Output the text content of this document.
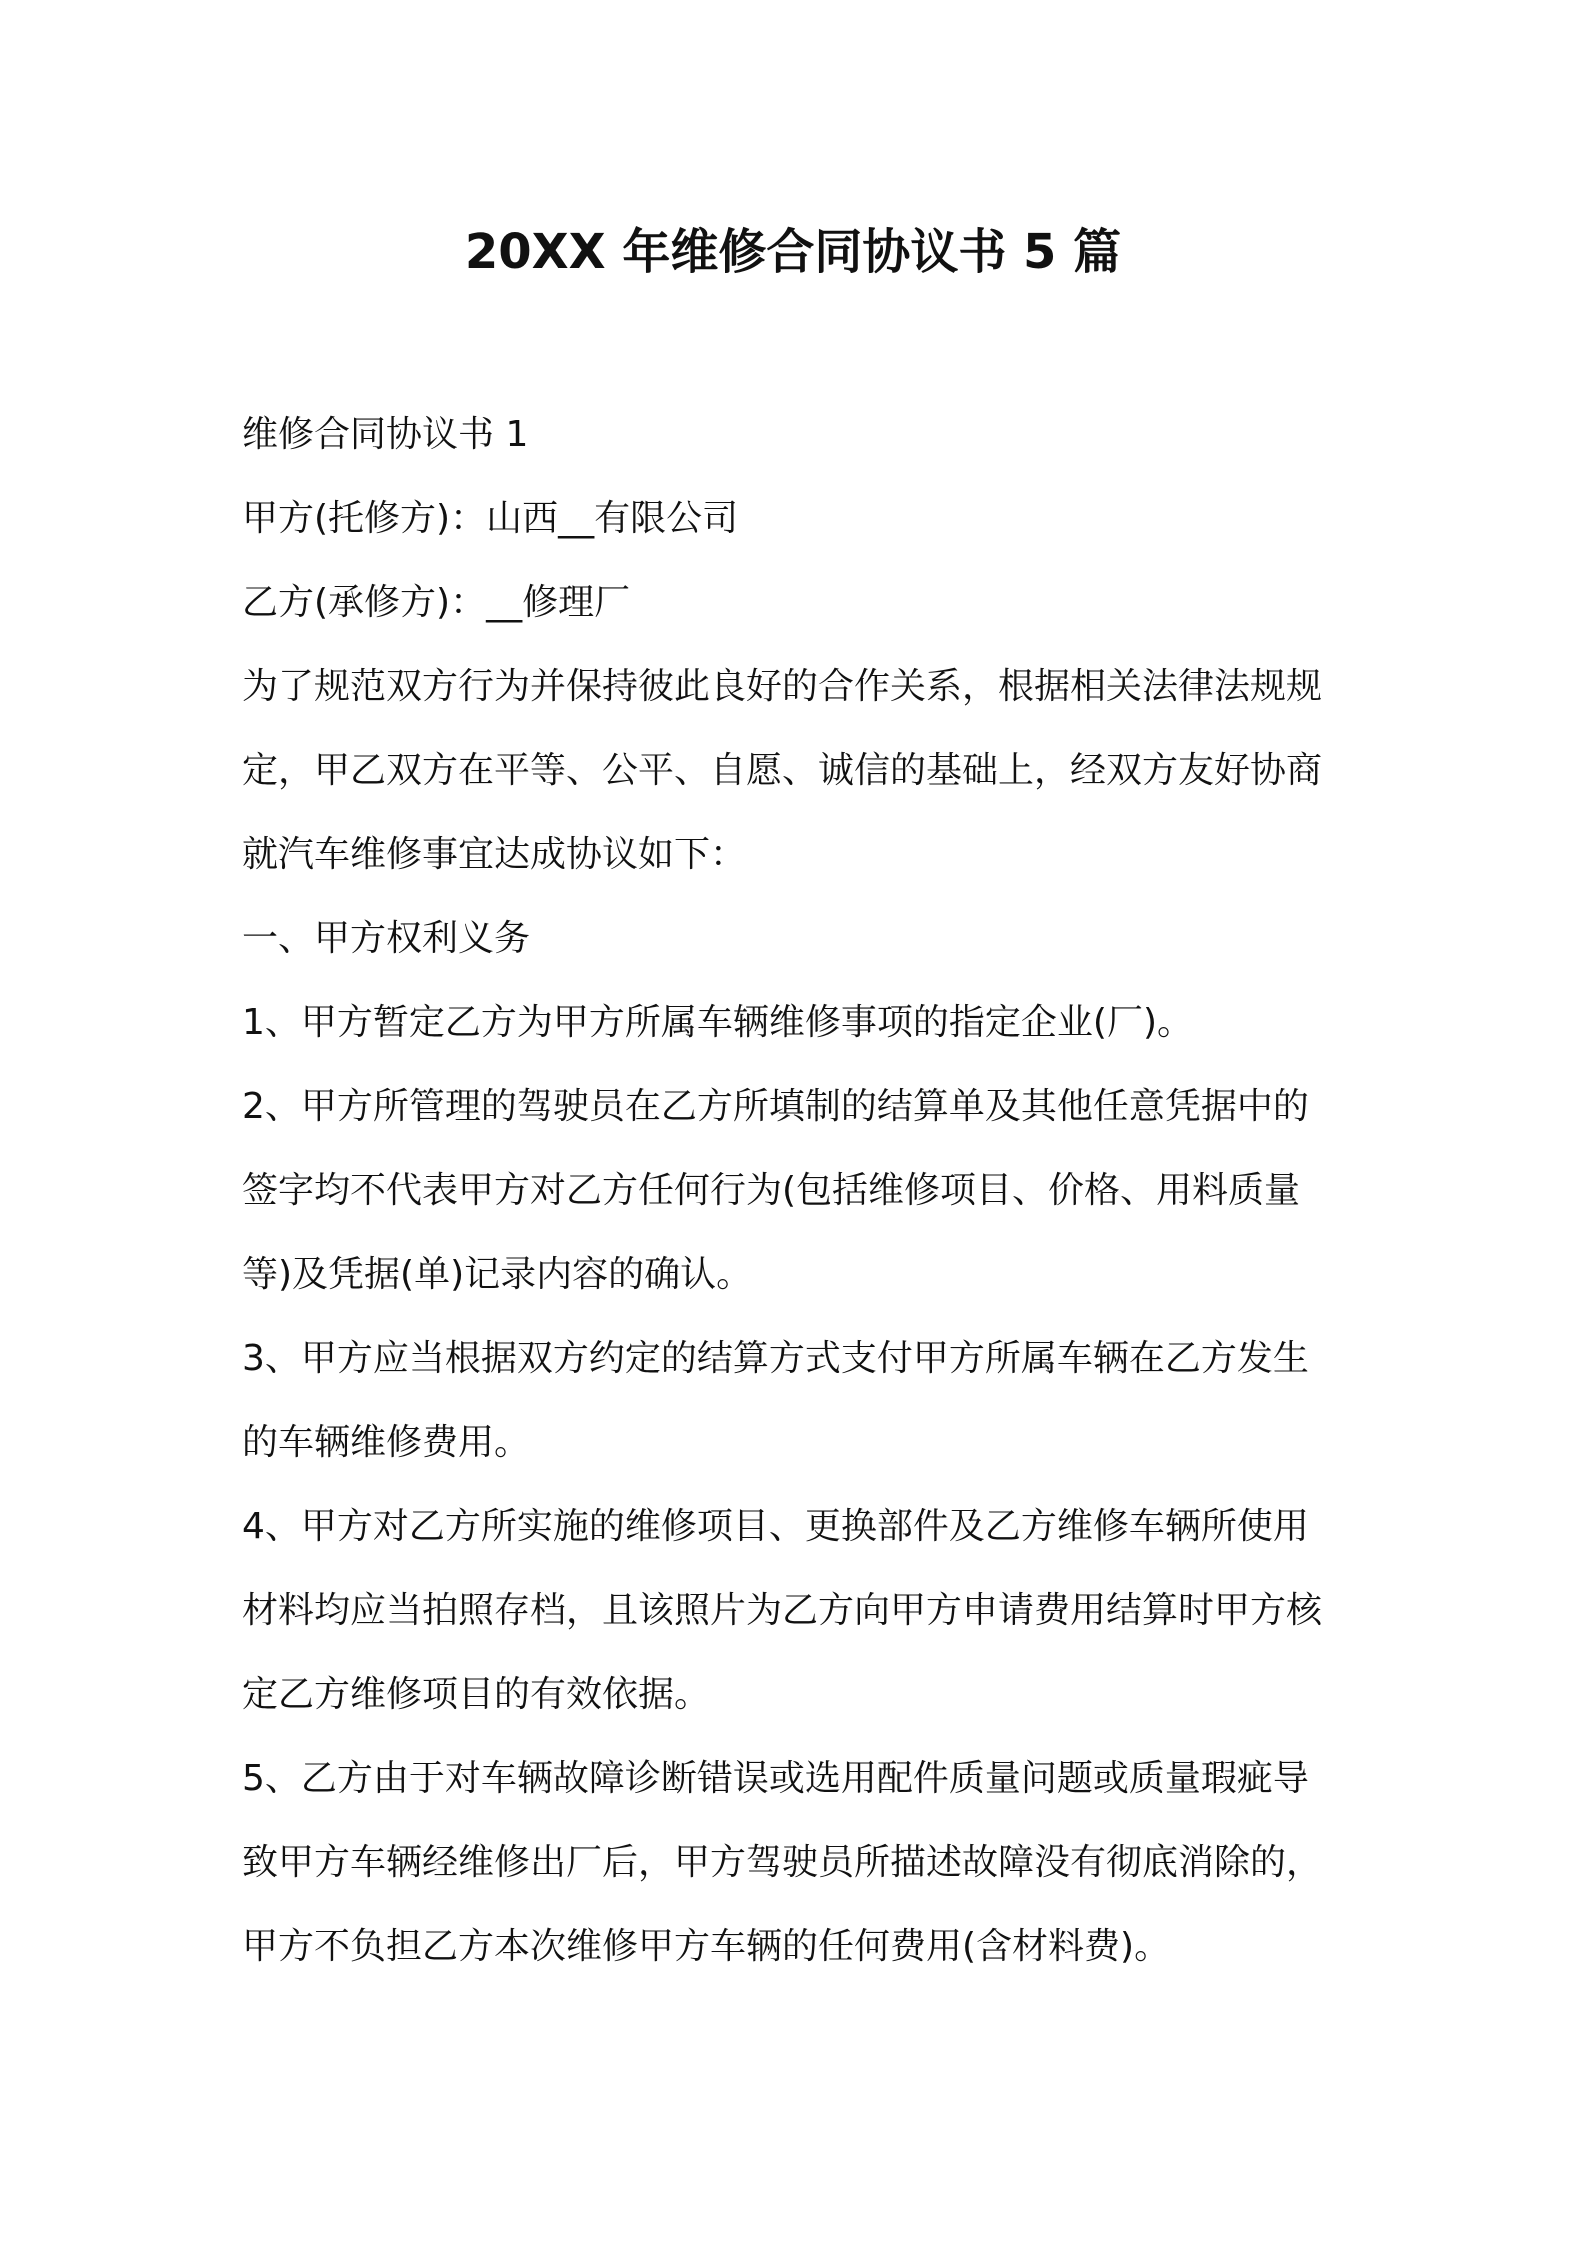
20XX 年维修合同协议书 5 篇

维修合同协议书 1

甲方(托修方)：山西__有限公司

乙方(承修方)：__修理厂

为了规范双方行为并保持彼此良好的合作关系，根据相关法律法规规

定，甲乙双方在平等、公平、自愿、诚信的基础上，经双方友好协商

就汽车维修事宜达成协议如下：

一、甲方权利义务

1、甲方暂定乙方为甲方所属车辆维修事项的指定企业(厂)。

2、甲方所管理的驾驶员在乙方所填制的结算单及其他任意凭据中的

签字均不代表甲方对乙方任何行为(包括维修项目、价格、用料质量

等)及凭据(单)记录内容的确认。

3、甲方应当根据双方约定的结算方式支付甲方所属车辆在乙方发生

的车辆维修费用。

4、甲方对乙方所实施的维修项目、更换部件及乙方维修车辆所使用

材料均应当拍照存档，且该照片为乙方向甲方申请费用结算时甲方核

定乙方维修项目的有效依据。

5、乙方由于对车辆故障诊断错误或选用配件质量问题或质量瑕疵导

致甲方车辆经维修出厂后，甲方驾驶员所描述故障没有彻底消除的，

甲方不负担乙方本次维修甲方车辆的任何费用(含材料费)。
